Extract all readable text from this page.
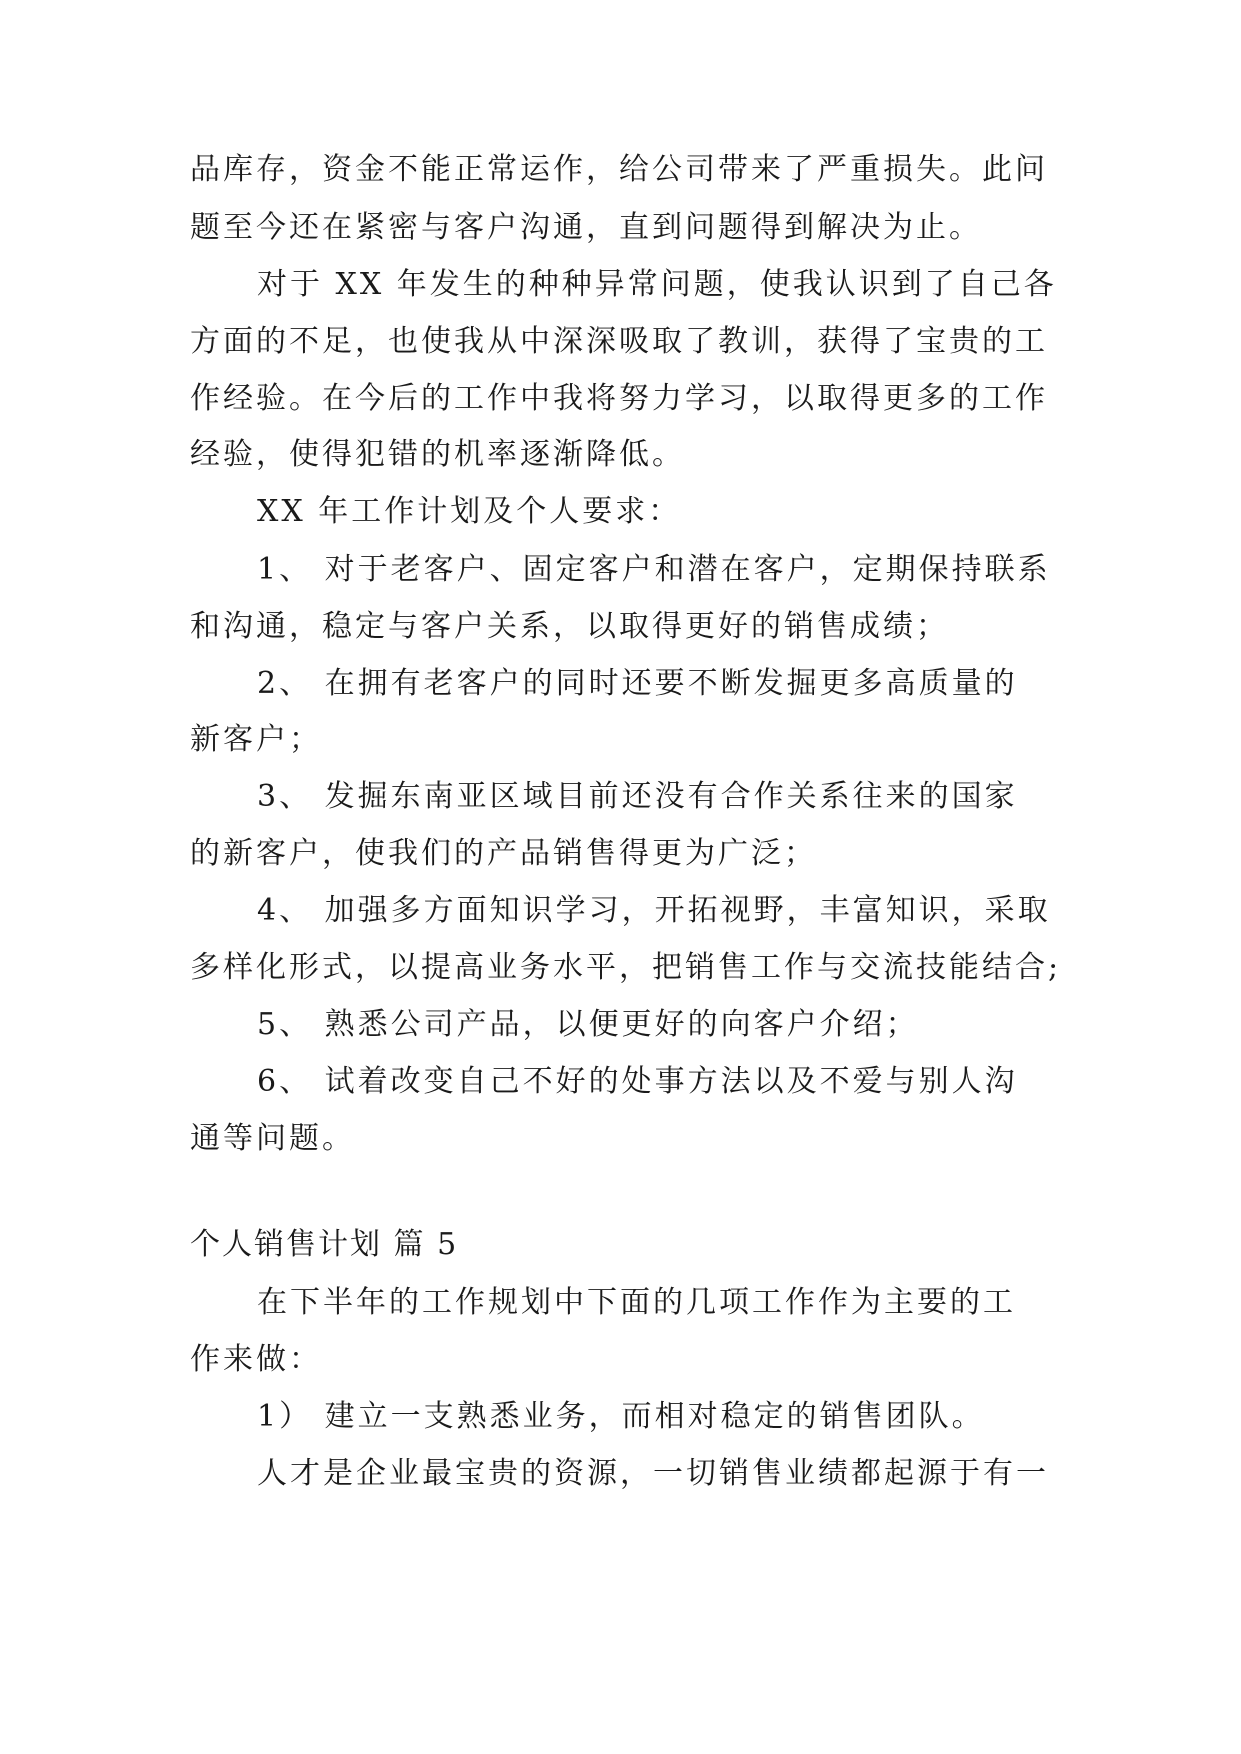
品库存，资金不能正常运作，给公司带来了严重损失。此问
题至今还在紧密与客户沟通，直到问题得到解决为止。
对于 XX 年发生的种种异常问题，使我认识到了自己各
方面的不足，也使我从中深深吸取了教训，获得了宝贵的工
作经验。在今后的工作中我将努力学习，以取得更多的工作
经验，使得犯错的机率逐渐降低。
XX 年工作计划及个人要求：
1、 对于老客户、固定客户和潜在客户，定期保持联系
和沟通，稳定与客户关系，以取得更好的销售成绩；
2、 在拥有老客户的同时还要不断发掘更多高质量的
新客户；
3、 发掘东南亚区域目前还没有合作关系往来的国家
的新客户，使我们的产品销售得更为广泛；
4、 加强多方面知识学习，开拓视野，丰富知识，采取
多样化形式，以提高业务水平，把销售工作与交流技能结合;
5、 熟悉公司产品，以便更好的向客户介绍；
6、 试着改变自己不好的处事方法以及不爱与别人沟
通等问题。
个人销售计划 篇 5
在下半年的工作规划中下面的几项工作作为主要的工
作来做：
1） 建立一支熟悉业务，而相对稳定的销售团队。
人才是企业最宝贵的资源，一切销售业绩都起源于有一
